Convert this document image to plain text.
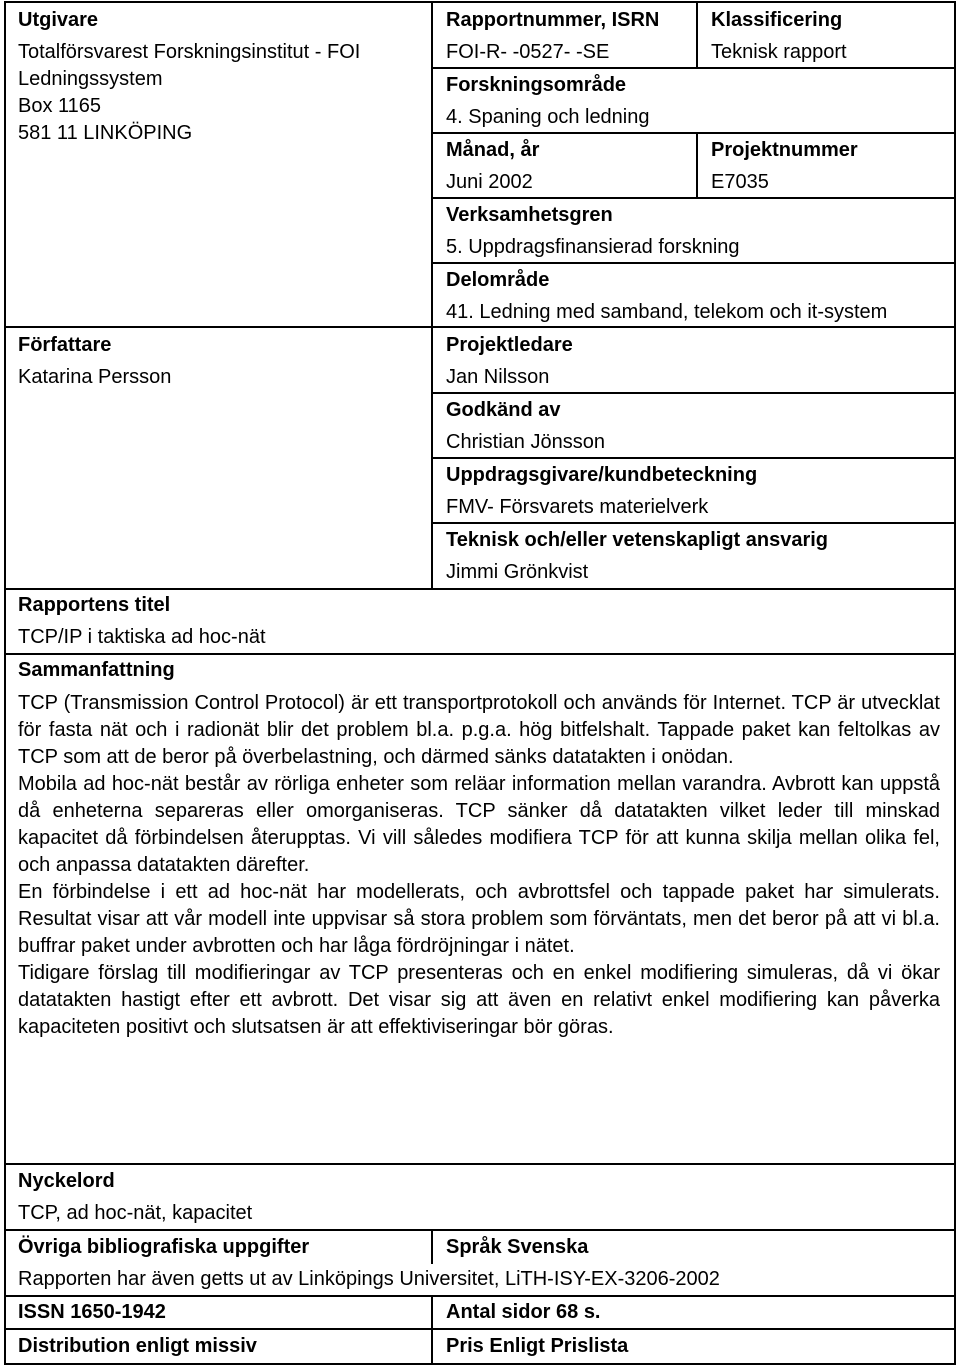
Utgivare
Totalförsvarest Forskningsinstitut - FOI
Ledningssystem
Box 1165
581 11 LINKÖPING
Rapportnummer, ISRN
FOI-R- -0527- -SE
Klassificering
Teknisk rapport
Forskningsområde
4. Spaning och ledning
Månad, år
Juni 2002
Projektnummer
E7035
Verksamhetsgren
5. Uppdragsfinansierad forskning
Delområde
41. Ledning med samband, telekom och it-system
Författare
Katarina Persson
Projektledare
Jan Nilsson
Godkänd av
Christian Jönsson
Uppdragsgivare/kundbeteckning
FMV- Försvarets materielverk
Teknisk och/eller vetenskapligt ansvarig
Jimmi Grönkvist
Rapportens titel
TCP/IP i taktiska ad hoc-nät
Sammanfattning

TCP (Transmission Control Protocol) är ett transportprotokoll och används för Internet. TCP är utvecklat för fasta nät och i radionät blir det problem bl.a. p.g.a. hög bitfelshalt. Tappade paket kan feltolkas av TCP som att de beror på överbelastning, och därmed sänks datatakten i onödan.

Mobila ad hoc-nät består av rörliga enheter som reläar information mellan varandra. Avbrott kan uppstå då enheterna separeras eller omorganiseras. TCP sänker då datatakten vilket leder till minskad kapacitet då förbindelsen återupptas. Vi vill således modifiera TCP för att kunna skilja mellan olika fel, och anpassa datatakten därefter.

En förbindelse i ett ad hoc-nät har modellerats, och avbrottsfel och tappade paket har simulerats. Resultat visar att vår modell inte uppvisar så stora problem som förväntats, men det beror på att vi bl.a. buffrar paket under avbrotten och har låga fördröjningar i nätet.

Tidigare förslag till modifieringar av TCP presenteras och en enkel modifiering simuleras, då vi ökar datatakten hastigt efter ett avbrott. Det visar sig att även en relativt enkel modifiering kan påverka kapaciteten positivt och slutsatsen är att effektiviseringar bör göras.

Nyckelord
TCP, ad hoc-nät, kapacitet
Övriga bibliografiska uppgifter	Språk Svenska
Rapporten har även getts ut av Linköpings Universitet, LiTH-ISY-EX-3206-2002
ISSN 1650-1942	Antal sidor 68 s.
Distribution enligt missiv	Pris Enligt Prislista
